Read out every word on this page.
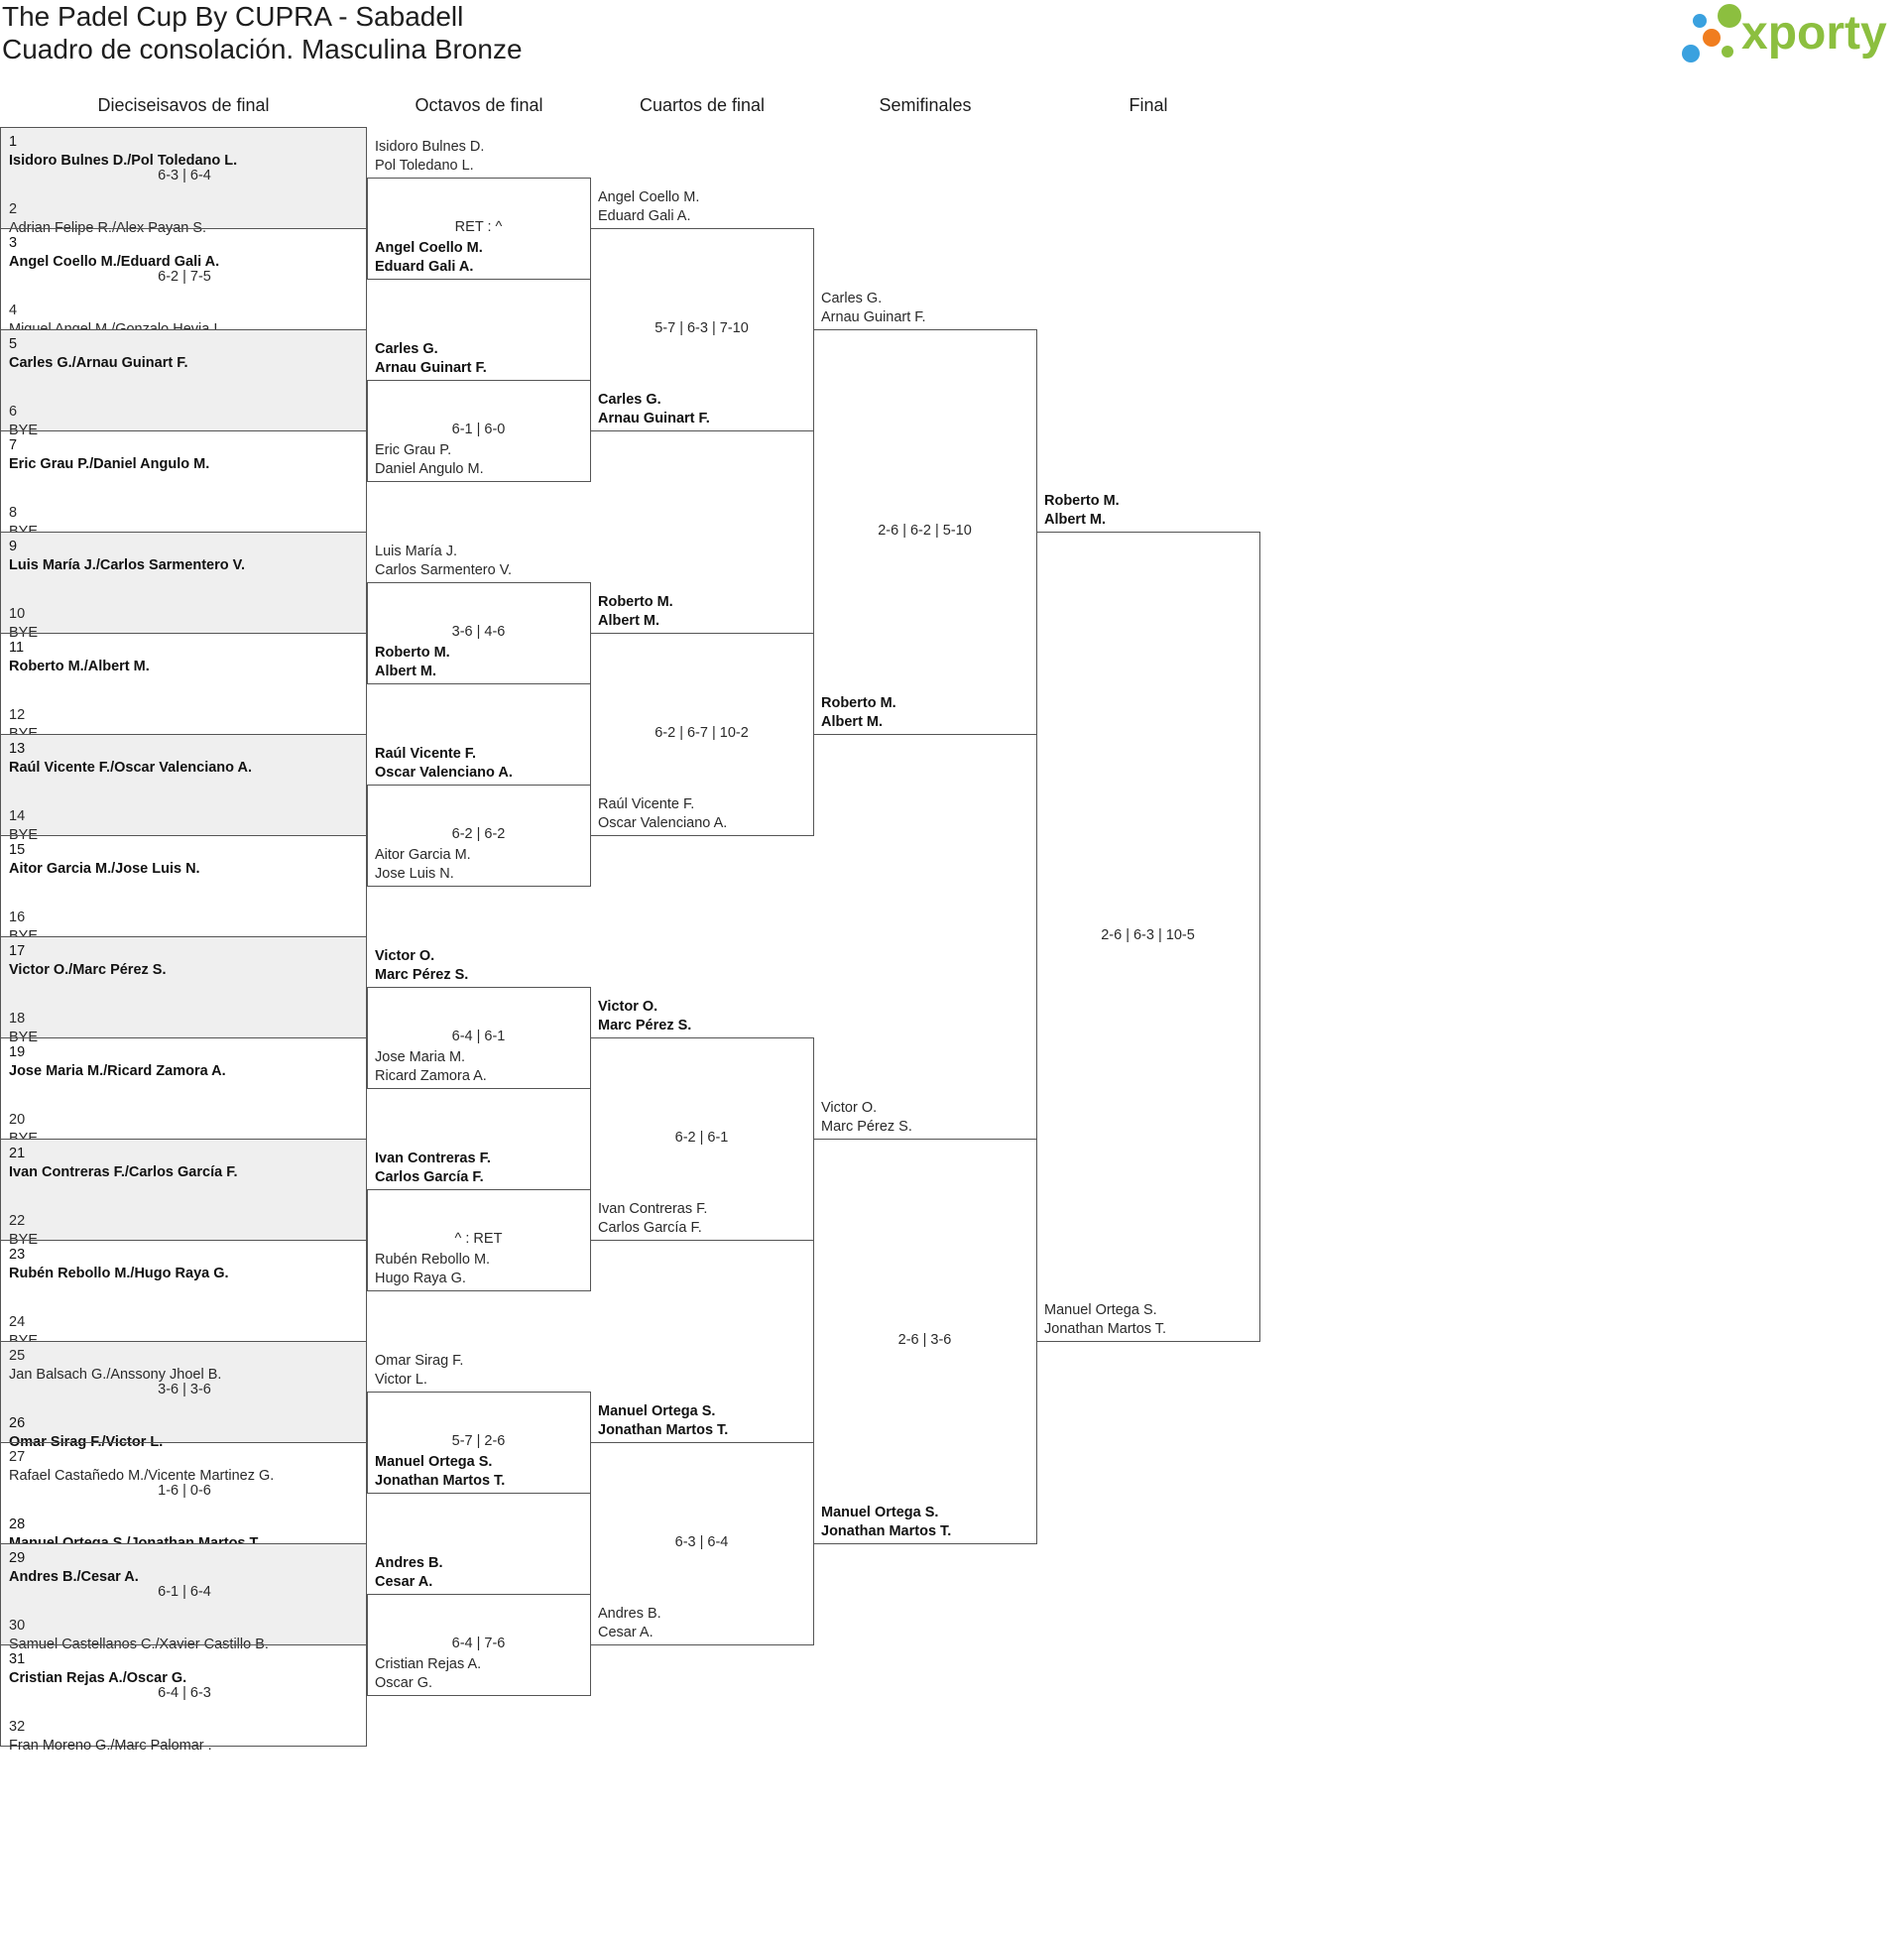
The Padel Cup By CUPRA - Sabadell
Cuadro de consolación. Masculina Bronze	xporty
Dieciseisavos de final	Octavos de final	Cuartos de final	Semifinales	Final
1
Isidoro Bulnes D./Pol Toledano L.
6-3 | 6-4
2
Adrian Felipe R./Alex Payan S.
3
Angel Coello M./Eduard Gali A.
6-2 | 7-5
4
5
Carles G./Arnau Guinart F.
6
BYE
7
Eric Grau P./Daniel Angulo M.
8
9
Luis María J./Carlos Sarmentero V.
10
BYE
11
Roberto M./Albert M.
12
13
Raúl Vicente F./Oscar Valenciano A.
14
BYE
15
Aitor Garcia M./Jose Luis N.
16
17
Victor O./Marc Pérez S.
18
BYE
19
Jose Maria M./Ricard Zamora A.
20
21
Ivan Contreras F./Carlos García F.
22
BYE
23
Rubén Rebollo M./Hugo Raya G.
24
25
Jan Balsach G./Anssony Jhoel B.
3-6 | 3-6
26
Omar Sirag F./Victor L.
27
Rafael Castañedo M./Vicente Martinez G.
1-6 | 0-6
28
29
Andres B./Cesar A.
6-1 | 6-4
30
Samuel Castellanos C./Xavier Castillo B.
31
Cristian Rejas A./Oscar G.
6-4 | 6-3
32
Fran Moreno G./Marc Palomar .
Isidoro Bulnes D.
Pol Toledano L.
Angel Coello M.
Eduard Gali A.
RET : ^
Carles G.
Arnau Guinart F.
Eric Grau P.
Daniel Angulo M.
6-1 | 6-0
Luis María J.
Carlos Sarmentero V.
Roberto M.
Albert M.
3-6 | 4-6
Raúl Vicente F.
Oscar Valenciano A.
Aitor Garcia M.
Jose Luis N.
6-2 | 6-2
Victor O.
Marc Pérez S.
Jose Maria M.
Ricard Zamora A.
6-4 | 6-1
Ivan Contreras F.
Carlos García F.
Rubén Rebollo M.
Hugo Raya G.
^ : RET
Omar Sirag F.
Victor L.
Manuel Ortega S.
Jonathan Martos T.
5-7 | 2-6
Andres B.
Cesar A.
Cristian Rejas A.
Oscar G.
6-4 | 7-6
Angel Coello M.
Eduard Gali A.
Carles G.
Arnau Guinart F.
5-7 | 6-3 | 7-10
Roberto M.
Albert M.
Raúl Vicente F.
Oscar Valenciano A.
6-2 | 6-7 | 10-2
Victor O.
Marc Pérez S.
Ivan Contreras F.
Carlos García F.
6-2 | 6-1
Manuel Ortega S.
Jonathan Martos T.
Andres B.
Cesar A.
6-3 | 6-4
Carles G.
Arnau Guinart F.
Roberto M.
Albert M.
2-6 | 6-2 | 5-10
Victor O.
Marc Pérez S.
Manuel Ortega S.
Jonathan Martos T.
2-6 | 3-6
Roberto M.
Albert M.
Manuel Ortega S.
Jonathan Martos T.
2-6 | 6-3 | 10-5
